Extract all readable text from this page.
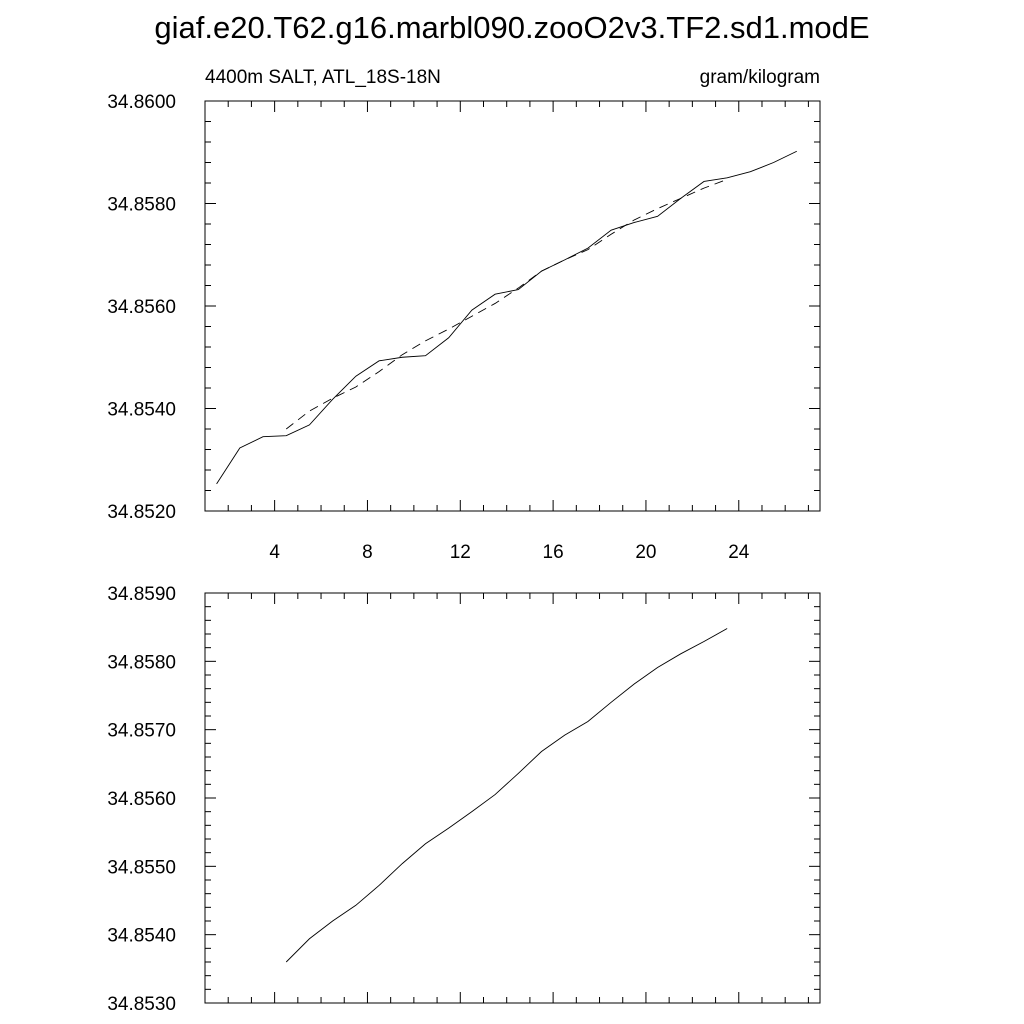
giaf.e20.T62.g16.marbl090.zooO2v3.TF2.sd1.modE
4400m SALT, ATL_18S-18N	gram/kilogram
4	8	12	16	20	24
34.8520
34.8540
34.8560
34.8580
34.8600
34.8530
34.8540
34.8550
34.8560
34.8570
34.8580
34.8590
